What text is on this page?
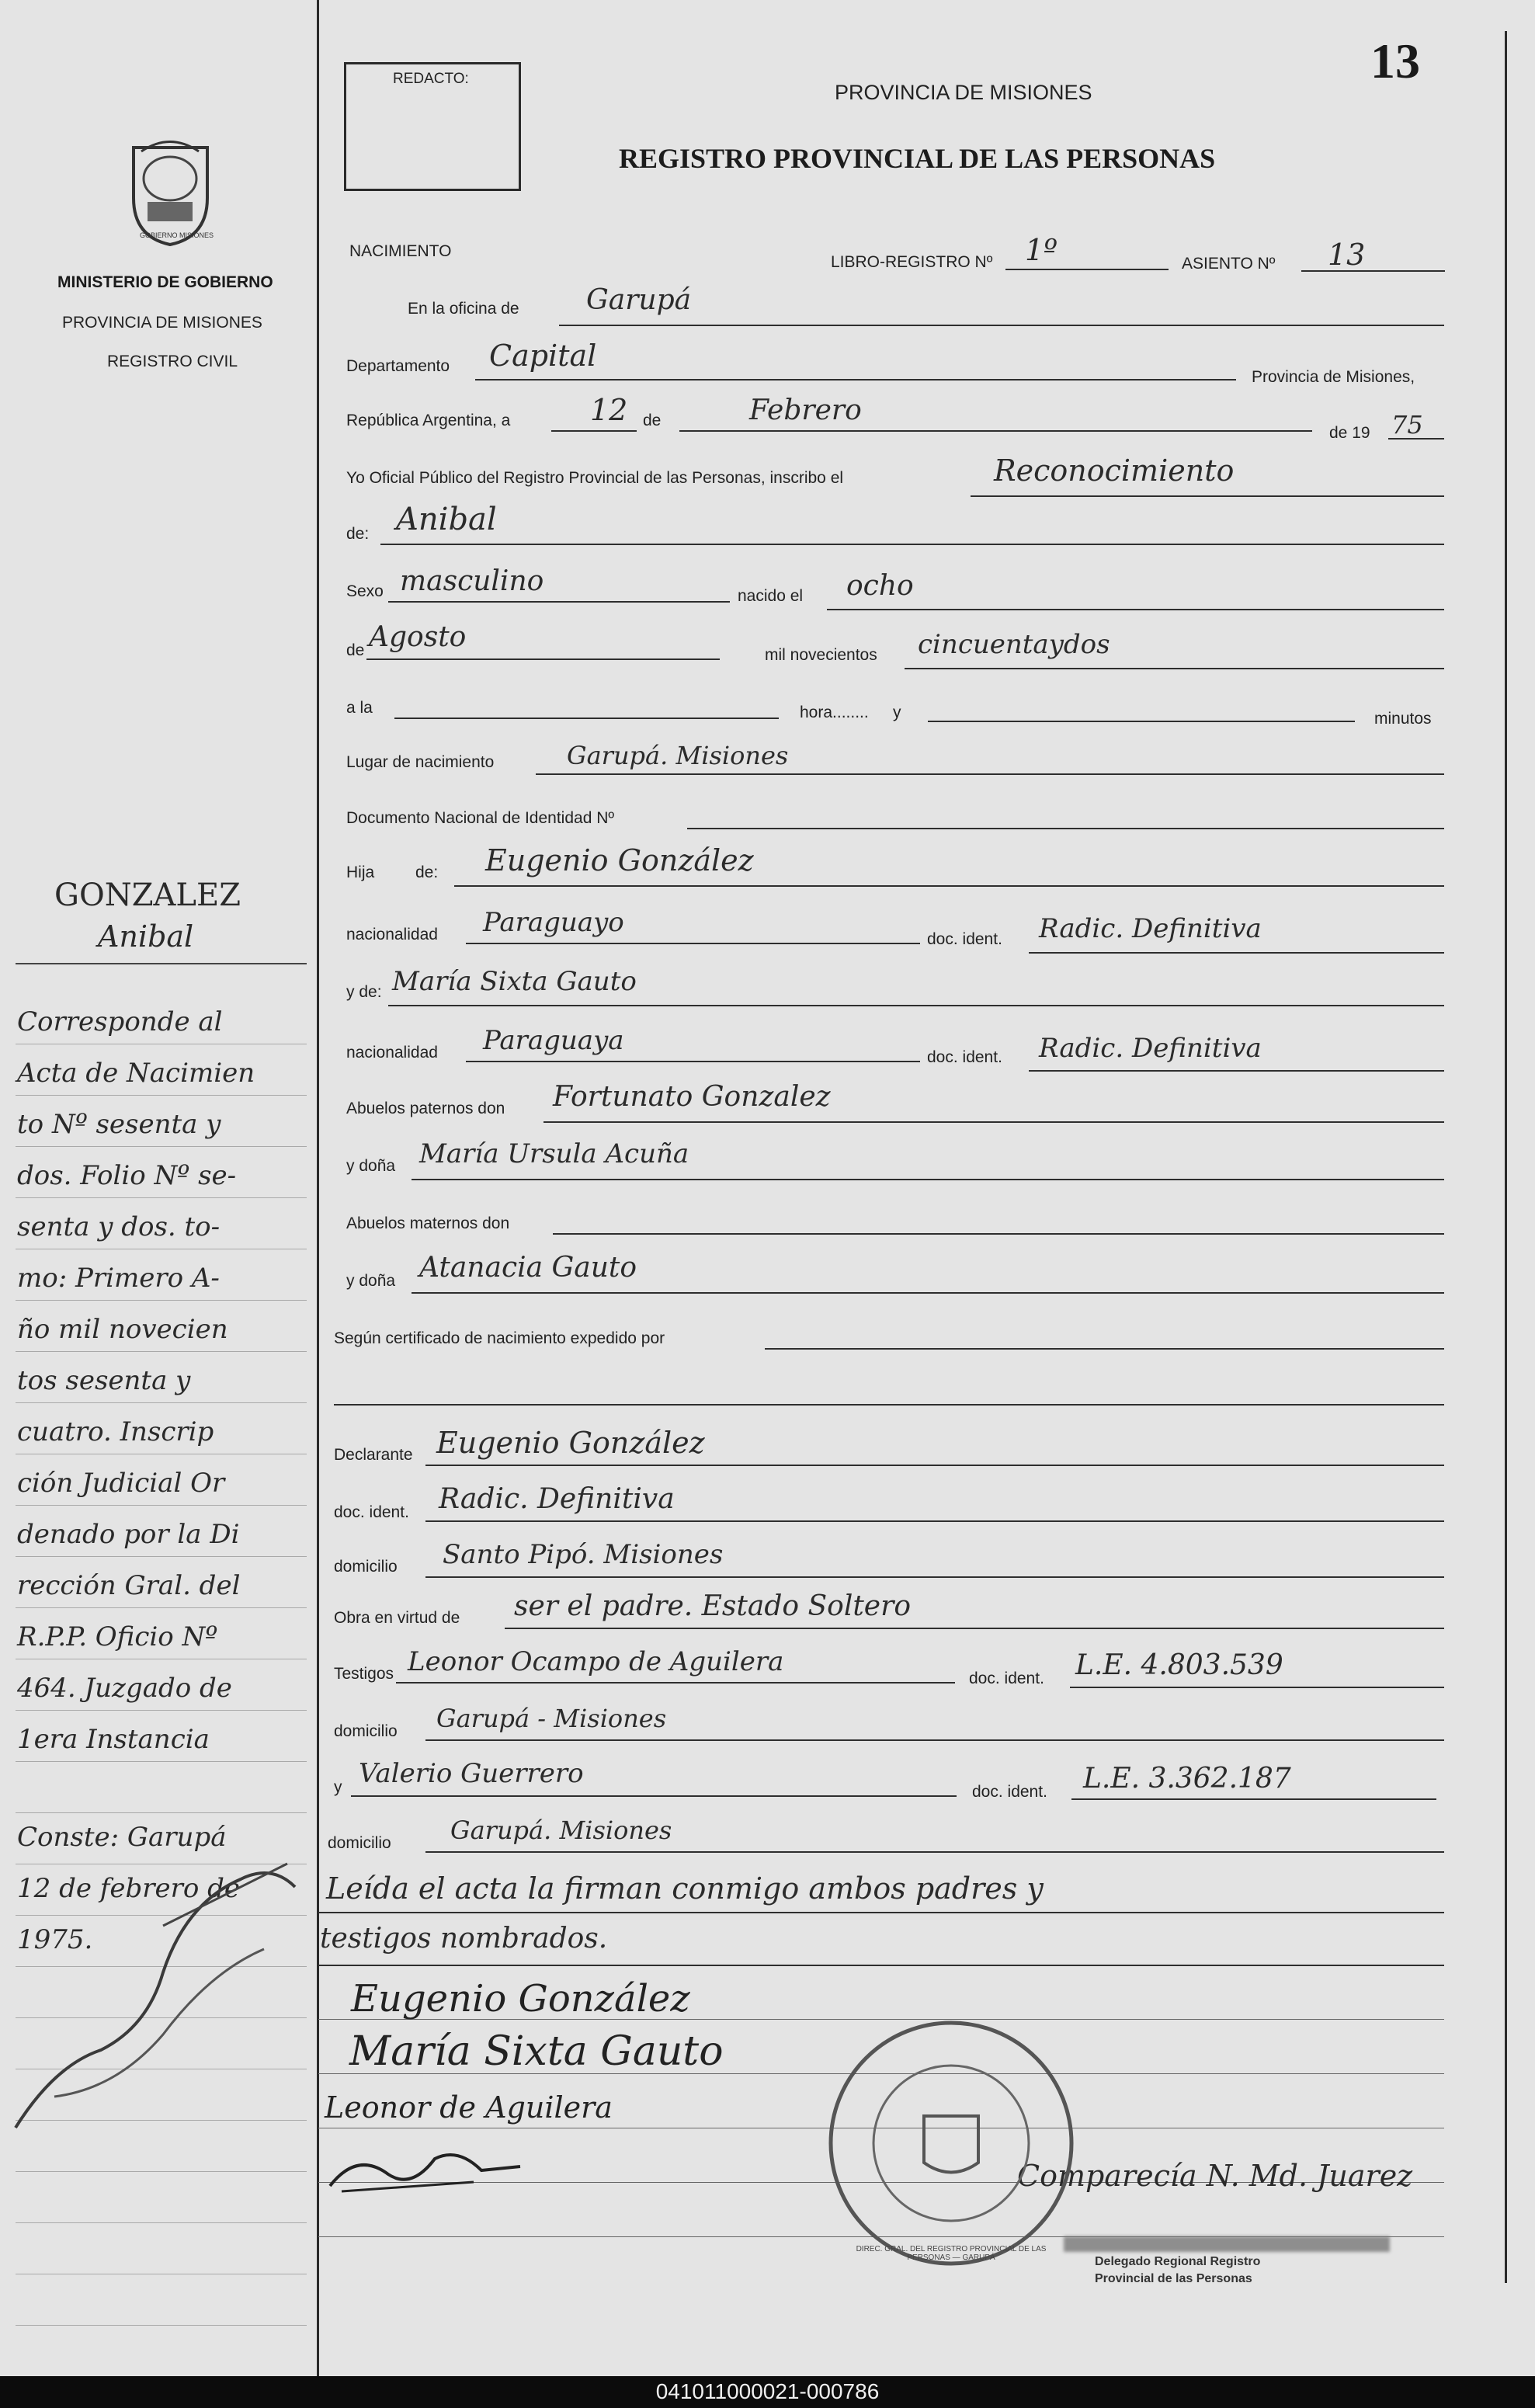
13
REDACTO:
PROVINCIA DE MISIONES
REGISTRO PROVINCIAL DE LAS PERSONAS
GOBIERNO MISIONES
MINISTERIO DE GOBIERNO
PROVINCIA DE MISIONES
REGISTRO CIVIL
NACIMIENTO
LIBRO-REGISTRO Nº 1º	ASIENTO Nº 13
En la oficina de Garupá
Departamento Capital
Provincia de Misiones,
República Argentina, a	12 de	Febrero
de 19 75
Yo Oficial Público del Registro Provincial de las Personas, inscribo el	Reconocimiento
de: Anibal
Sexo masculino	nacido el ocho
de Agosto
mil novecientos cincuentaydos
a la	hora........ y	minutos
Lugar de nacimiento	Garupá. Misiones
Documento Nacional de Identidad Nº
Hija	de: Eugenio González
nacionalidad Paraguayo
doc. ident. Radic. Definitiva
y de: María Sixta Gauto
nacionalidad Paraguaya
doc. ident. Radic. Definitiva
Abuelos paternos don Fortunato Gonzalez
y doña María Ursula Acuña
Abuelos maternos don
y doña Atanacia Gauto
Según certificado de nacimiento expedido por
Declarante Eugenio González
doc. ident. Radic. Definitiva
domicilio Santo Pipó. Misiones
Obra en virtud de ser el padre. Estado Soltero
Testigos Leonor Ocampo de Aguilera
doc. ident. L.E. 4.803.539
domicilio Garupá - Misiones
y Valerio Guerrero
doc. ident. L.E. 3.362.187
domicilio Garupá. Misiones
Leída el acta la firman conmigo ambos padres y
testigos nombrados.
Eugenio González
María Sixta Gauto
Leonor de Aguilera
Comparecía N. Md. Juarez
DIREC. GRAL. DEL REGISTRO PROVINCIAL DE LAS PERSONAS — GARUPÁ	Delegado Regional Registro
Provincial de las Personas
GONZALEZ
Anibal
Corresponde al
Acta de Nacimien
to Nº sesenta y
dos. Folio Nº se-
senta y dos. to-
mo: Primero A-
ño mil novecien
tos sesenta y
cuatro. Inscrip
ción Judicial Or
denado por la Di
rección Gral. del
R.P.P. Oficio Nº
464. Juzgado de
1era Instancia
Conste: Garupá
12 de febrero de
1975.
041011000021-000786
